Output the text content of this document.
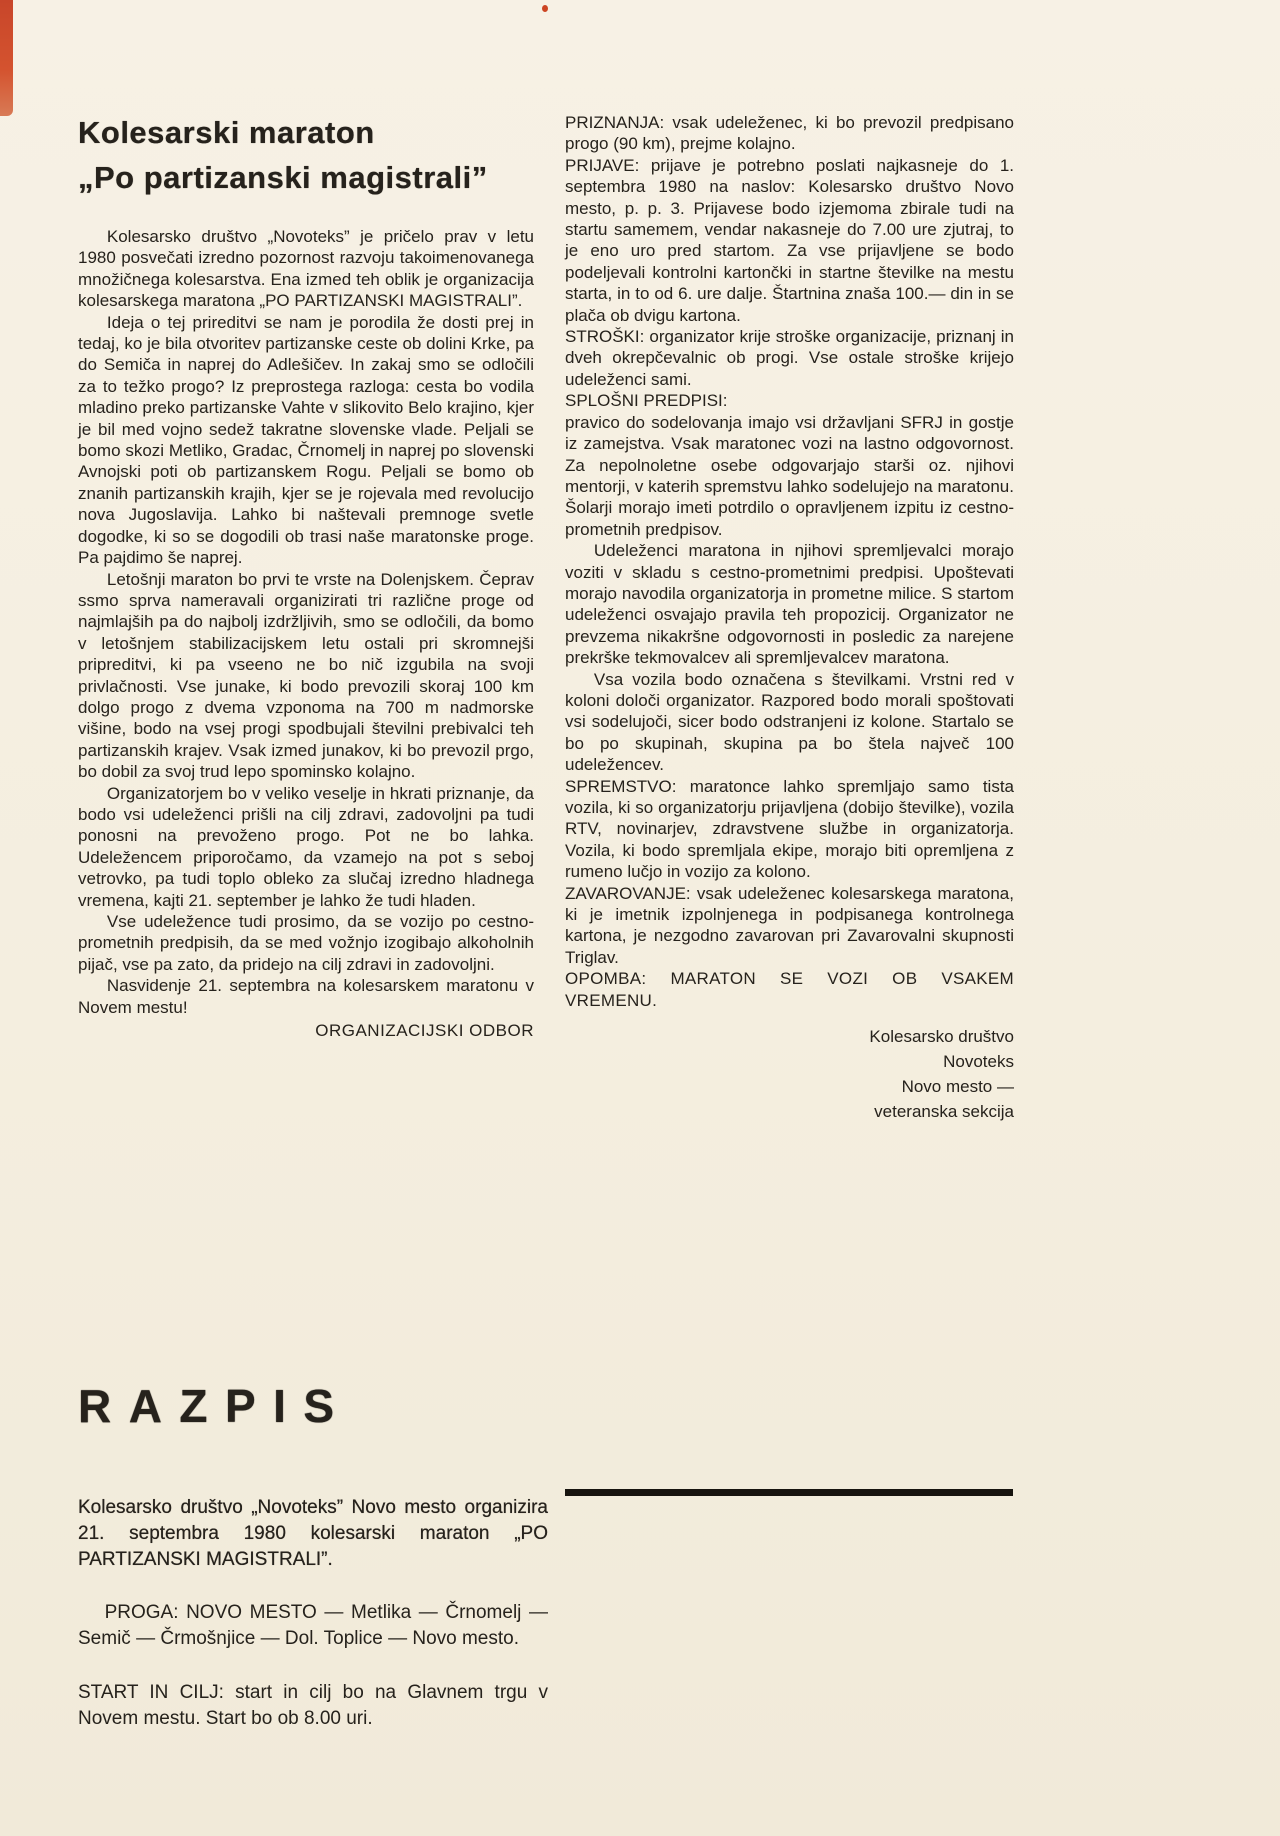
Kolesarski maraton
„Po partizanski magistrali”

Kolesarsko društvo „Novoteks” je pričelo prav v letu 1980 posvečati izredno pozornost razvoju takoimenovanega množičnega kolesarstva. Ena izmed teh oblik je organizacija kolesarskega maratona „PO PARTIZANSKI MAGISTRALI”.

Ideja o tej prireditvi se nam je porodila že dosti prej in tedaj, ko je bila otvoritev partizanske ceste ob dolini Krke, pa do Semiča in naprej do Adlešičev. In zakaj smo se odločili za to težko progo? Iz preprostega razloga: cesta bo vodila mladino preko partizanske Vahte v slikovito Belo krajino, kjer je bil med vojno sedež takratne slovenske vlade. Peljali se bomo skozi Metliko, Gradac, Črnomelj in naprej po slovenski Avnojski poti ob partizanskem Rogu. Peljali se bomo ob znanih partizanskih krajih, kjer se je rojevala med revolucijo nova Jugoslavija. Lahko bi naštevali premnoge svetle dogodke, ki so se dogodili ob trasi naše maratonske proge. Pa pajdimo še naprej.

Letošnji maraton bo prvi te vrste na Dolenjskem. Čeprav ssmo sprva nameravali organizirati tri različne proge od najmlajših pa do najbolj izdržljivih, smo se odločili, da bomo v letošnjem stabilizacijskem letu ostali pri skromnejši pripreditvi, ki pa vseeno ne bo nič izgubila na svoji privlačnosti. Vse junake, ki bodo prevozili skoraj 100 km dolgo progo z dvema vzponoma na 700 m nadmorske višine, bodo na vsej progi spodbujali številni prebivalci teh partizanskih krajev. Vsak izmed junakov, ki bo prevozil prgo, bo dobil za svoj trud lepo spominsko kolajno.

Organizatorjem bo v veliko veselje in hkrati priznanje, da bodo vsi udeleženci prišli na cilj zdravi, zadovoljni pa tudi ponosni na prevoženo progo. Pot ne bo lahka. Udeležencem priporočamo, da vzamejo na pot s seboj vetrovko, pa tudi toplo obleko za slučaj izredno hladnega vremena, kajti 21. september je lahko že tudi hladen.

Vse udeležence tudi prosimo, da se vozijo po cestno-prometnih predpisih, da se med vožnjo izogibajo alkoholnih pijač, vse pa zato, da pridejo na cilj zdravi in zadovoljni.

Nasvidenje 21. septembra na kolesarskem maratonu v Novem mestu!

ORGANIZACIJSKI ODBOR
RAZPIS

Kolesarsko društvo „Novoteks” Novo mesto organizira 21. septembra 1980 kolesarski maraton „PO PARTIZANSKI MAGISTRALI”.

PROGA: NOVO MESTO — Metlika — Črnomelj — Semič — Črmošnjice — Dol. Toplice — Novo mesto.

START IN CILJ: start in cilj bo na Glavnem trgu v Novem mestu. Start bo ob 8.00 uri.

PRIZNANJA: vsak udeleženec, ki bo prevozil predpisano progo (90 km), prejme kolajno.

PRIJAVE: prijave je potrebno poslati najkasneje do 1. septembra 1980 na naslov: Kolesarsko društvo Novo mesto, p. p. 3. Prijavese bodo izjemoma zbirale tudi na startu samemem, vendar nakasneje do 7.00 ure zjutraj, to je eno uro pred startom. Za vse prijavljene se bodo podeljevali kontrolni kartončki in startne številke na mestu starta, in to od 6. ure dalje. Štartnina znaša 100.— din in se plača ob dvigu kartona.

STROŠKI: organizator krije stroške organizacije, priznanj in dveh okrepčevalnic ob progi. Vse ostale stroške krijejo udeleženci sami.

SPLOŠNI PREDPISI:

pravico do sodelovanja imajo vsi državljani SFRJ in gostje iz zamejstva. Vsak maratonec vozi na lastno odgovornost. Za nepolnoletne osebe odgovarjajo starši oz. njihovi mentorji, v katerih spremstvu lahko sodelujejo na maratonu. Šolarji morajo imeti potrdilo o opravljenem izpitu iz cestno-prometnih predpisov.

Udeleženci maratona in njihovi spremljevalci morajo voziti v skladu s cestno-prometnimi predpisi. Upoštevati morajo navodila organizatorja in prometne milice. S startom udeleženci osvajajo pravila teh propozicij. Organizator ne prevzema nikakršne odgovornosti in posledic za narejene prekrške tekmovalcev ali spremljevalcev maratona.

Vsa vozila bodo označena s številkami. Vrstni red v koloni določi organizator. Razpored bodo morali spoštovati vsi sodelujoči, sicer bodo odstranjeni iz kolone. Startalo se bo po skupinah, skupina pa bo štela največ 100 udeležencev.

SPREMSTVO: maratonce lahko spremljajo samo tista vozila, ki so organizatorju prijavljena (dobijo številke), vozila RTV, novinarjev, zdravstvene službe in organizatorja. Vozila, ki bodo spremljala ekipe, morajo biti opremljena z rumeno lučjo in vozijo za kolono.

ZAVAROVANJE: vsak udeleženec kolesarskega maratona, ki je imetnik izpolnjenega in podpisanega kontrolnega kartona, je nezgodno zavarovan pri Zavarovalni skupnosti Triglav.

OPOMBA: MARATON SE VOZI OB VSAKEM VREMENU.

Kolesarsko društvo
Novoteks
Novo mesto —
veteranska sekcija
